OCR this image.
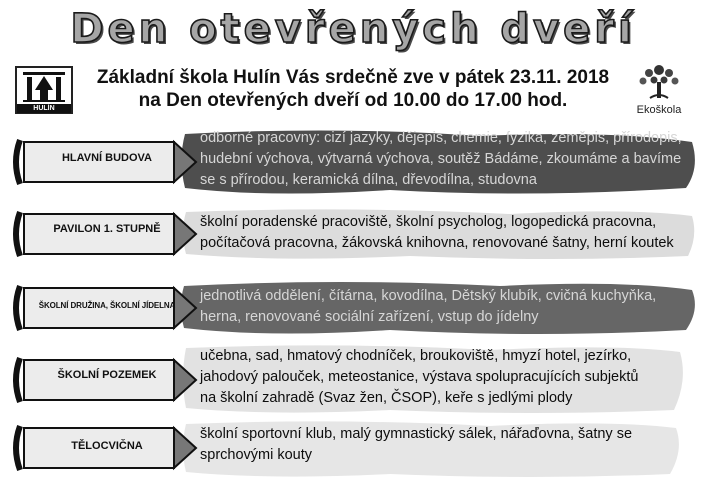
Den otevřených dveří
HULÍN
Základní škola Hulín Vás srdečně zve v pátek 23.11. 2018
na Den otevřených dveří od 10.00 do 17.00 hod.	Ekoškola
HLAVNÍ BUDOVA
odborné pracovny: cizí jazyky, dějepis, chemie, fyzika, zeměpis, přírodopis,
hudební výchova, výtvarná výchova, soutěž Bádáme, zkoumáme a bavíme
se s přírodou, keramická dílna, dřevodílna, studovna
PAVILON 1. STUPNĚ	školní poradenské pracoviště, školní psycholog, logopedická pracovna,
počítačová pracovna, žákovská knihovna, renovované šatny, herní koutek
ŠKOLNÍ DRUŽINA, ŠKOLNÍ JÍDELNA
jednotlivá oddělení, čítárna, kovodílna, Dětský klubík, cvičná kuchyňka,
herna, renovované sociální zařízení, vstup do jídelny
ŠKOLNÍ POZEMEK
učebna, sad, hmatový chodníček, broukoviště, hmyzí hotel, jezírko,
jahodový palouček, meteostanice, výstava spolupracujících subjektů
na školní zahradě (Svaz žen, ČSOP), keře s jedlými plody
TĚLOCVIČNA
školní sportovní klub, malý gymnastický sálek, nářaďovna, šatny se
sprchovými kouty
